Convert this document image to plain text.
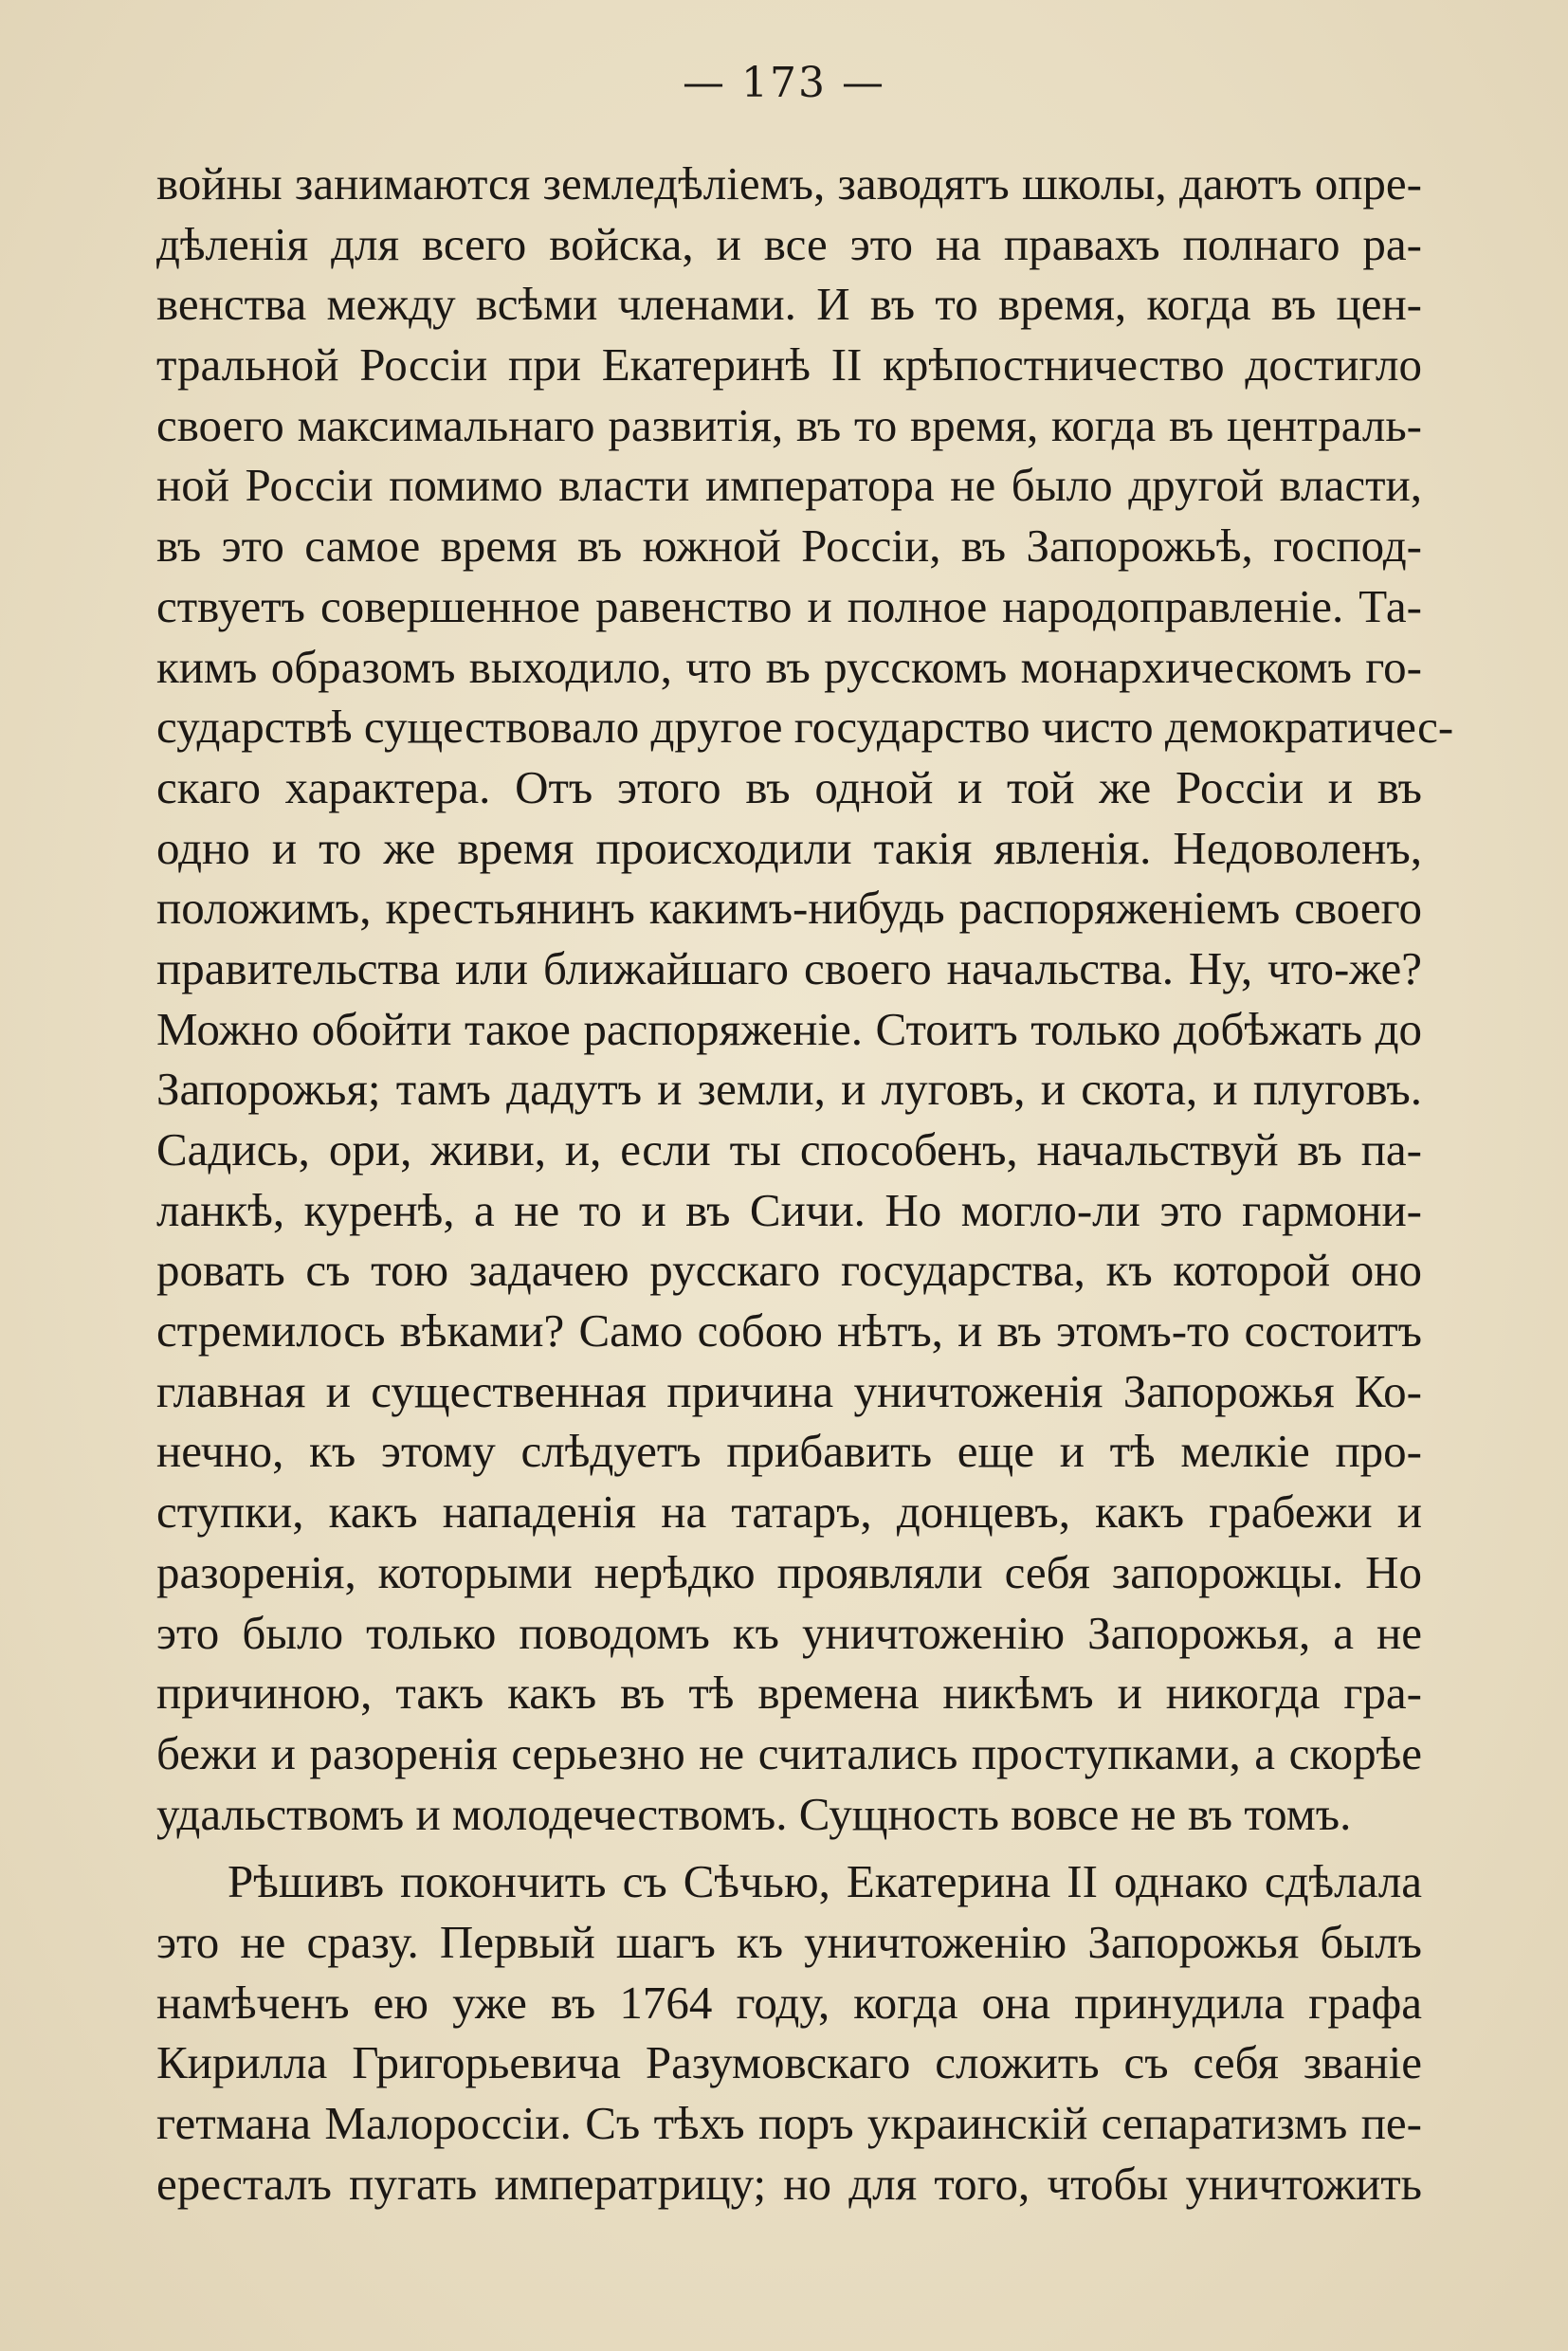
— 173 —
войны занимаются земледѣліемъ, заводятъ школы, даютъ опре-
дѣленія для всего войска, и все это на правахъ полнаго ра-
венства между всѣми членами. И въ то время, когда въ цен-
тральной Россіи при Екатеринѣ II крѣпостничество достигло
своего максимальнаго развитія, въ то время, когда въ централь-
ной Россіи помимо власти императора не было другой власти,
въ это самое время въ южной Россіи, въ Запорожьѣ, господ-
ствуетъ совершенное равенство и полное народоправленіе. Та-
кимъ образомъ выходило, что въ русскомъ монархическомъ го-
сударствѣ существовало другое государство чисто демократичес-
скаго характера. Отъ этого въ одной и той же Россіи и въ
одно и то же время происходили такія явленія. Недоволенъ,
положимъ, крестьянинъ какимъ-нибудь распоряженіемъ своего
правительства или ближайшаго своего начальства. Ну, что-же?
Можно обойти такое распоряженіе. Стоитъ только добѣжать до
Запорожья; тамъ дадутъ и земли, и луговъ, и скота, и плуговъ.
Садись, ори, живи, и, если ты способенъ, начальствуй въ па-
ланкѣ, куренѣ, а не то и въ Сичи. Но могло-ли это гармони-
ровать съ тою задачею русскаго государства, къ которой оно
стремилось вѣками? Само собою нѣтъ, и въ этомъ-то состоитъ
главная и существенная причина уничтоженія Запорожья Ко-
нечно, къ этому слѣдуетъ прибавить еще и тѣ мелкіе про-
ступки, какъ нападенія на татаръ, донцевъ, какъ грабежи и
разоренія, которыми нерѣдко проявляли себя запорожцы. Но
это было только поводомъ къ уничтоженію Запорожья, а не
причиною, такъ какъ въ тѣ времена никѣмъ и никогда гра-
бежи и разоренія серьезно не считались проступками, а скорѣе
удальствомъ и молодечествомъ. Сущность вовсе не въ томъ.
Рѣшивъ покончить съ Сѣчью, Екатерина II однако сдѣлала
это не сразу. Первый шагъ къ уничтоженію Запорожья былъ
намѣченъ ею уже въ 1764 году, когда она принудила графа
Кирилла Григорьевича Разумовскаго сложить съ себя званіе
гетмана Малороссіи. Съ тѣхъ поръ украинскій сепаратизмъ пе-
ересталъ пугать императрицу; но для того, чтобы уничтожить
